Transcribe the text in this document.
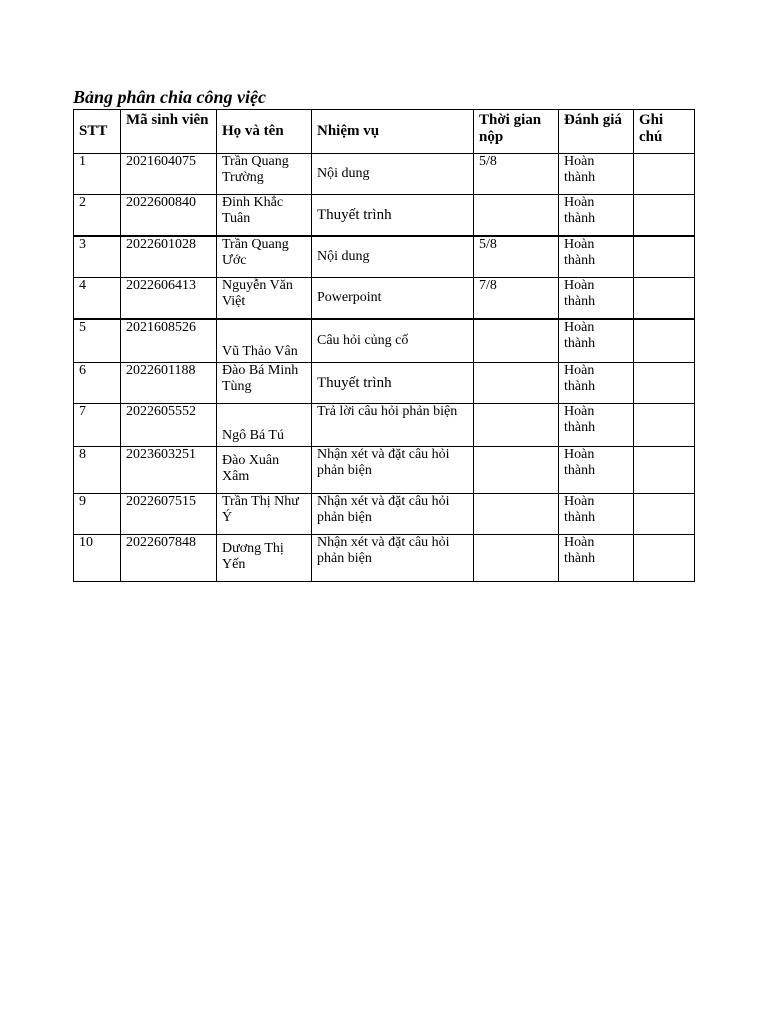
Bảng phân chia công việc
STT	Mã sinh viên	Họ và tên	Nhiệm vụ	Thời gian nộp	Đánh giá	Ghi chú
1	2021604075	Trần Quang Trường	Nội dung	5/8	Hoàn thành	
2	2022600840	Đinh Khắc Tuân	Thuyết trình		Hoàn thành	
3	2022601028	Trần Quang Ước	Nội dung	5/8	Hoàn thành	
4	2022606413	Nguyễn Văn Việt	Powerpoint	7/8	Hoàn thành	
5	2021608526	Vũ Thảo Vân	Câu hỏi củng cố		Hoàn thành	
6	2022601188	Đào Bá Minh Tùng	Thuyết trình		Hoàn thành	
7	2022605552	Ngô Bá Tú	Trả lời câu hỏi phản biện		Hoàn thành	
8	2023603251	Đào Xuân Xâm	Nhận xét và đặt câu hỏi phản biện		Hoàn thành	
9	2022607515	Trần Thị Như Ý	Nhận xét và đặt câu hỏi phản biện		Hoàn thành	
10	2022607848	Dương Thị Yến	Nhận xét và đặt câu hỏi phản biện		Hoàn thành	
